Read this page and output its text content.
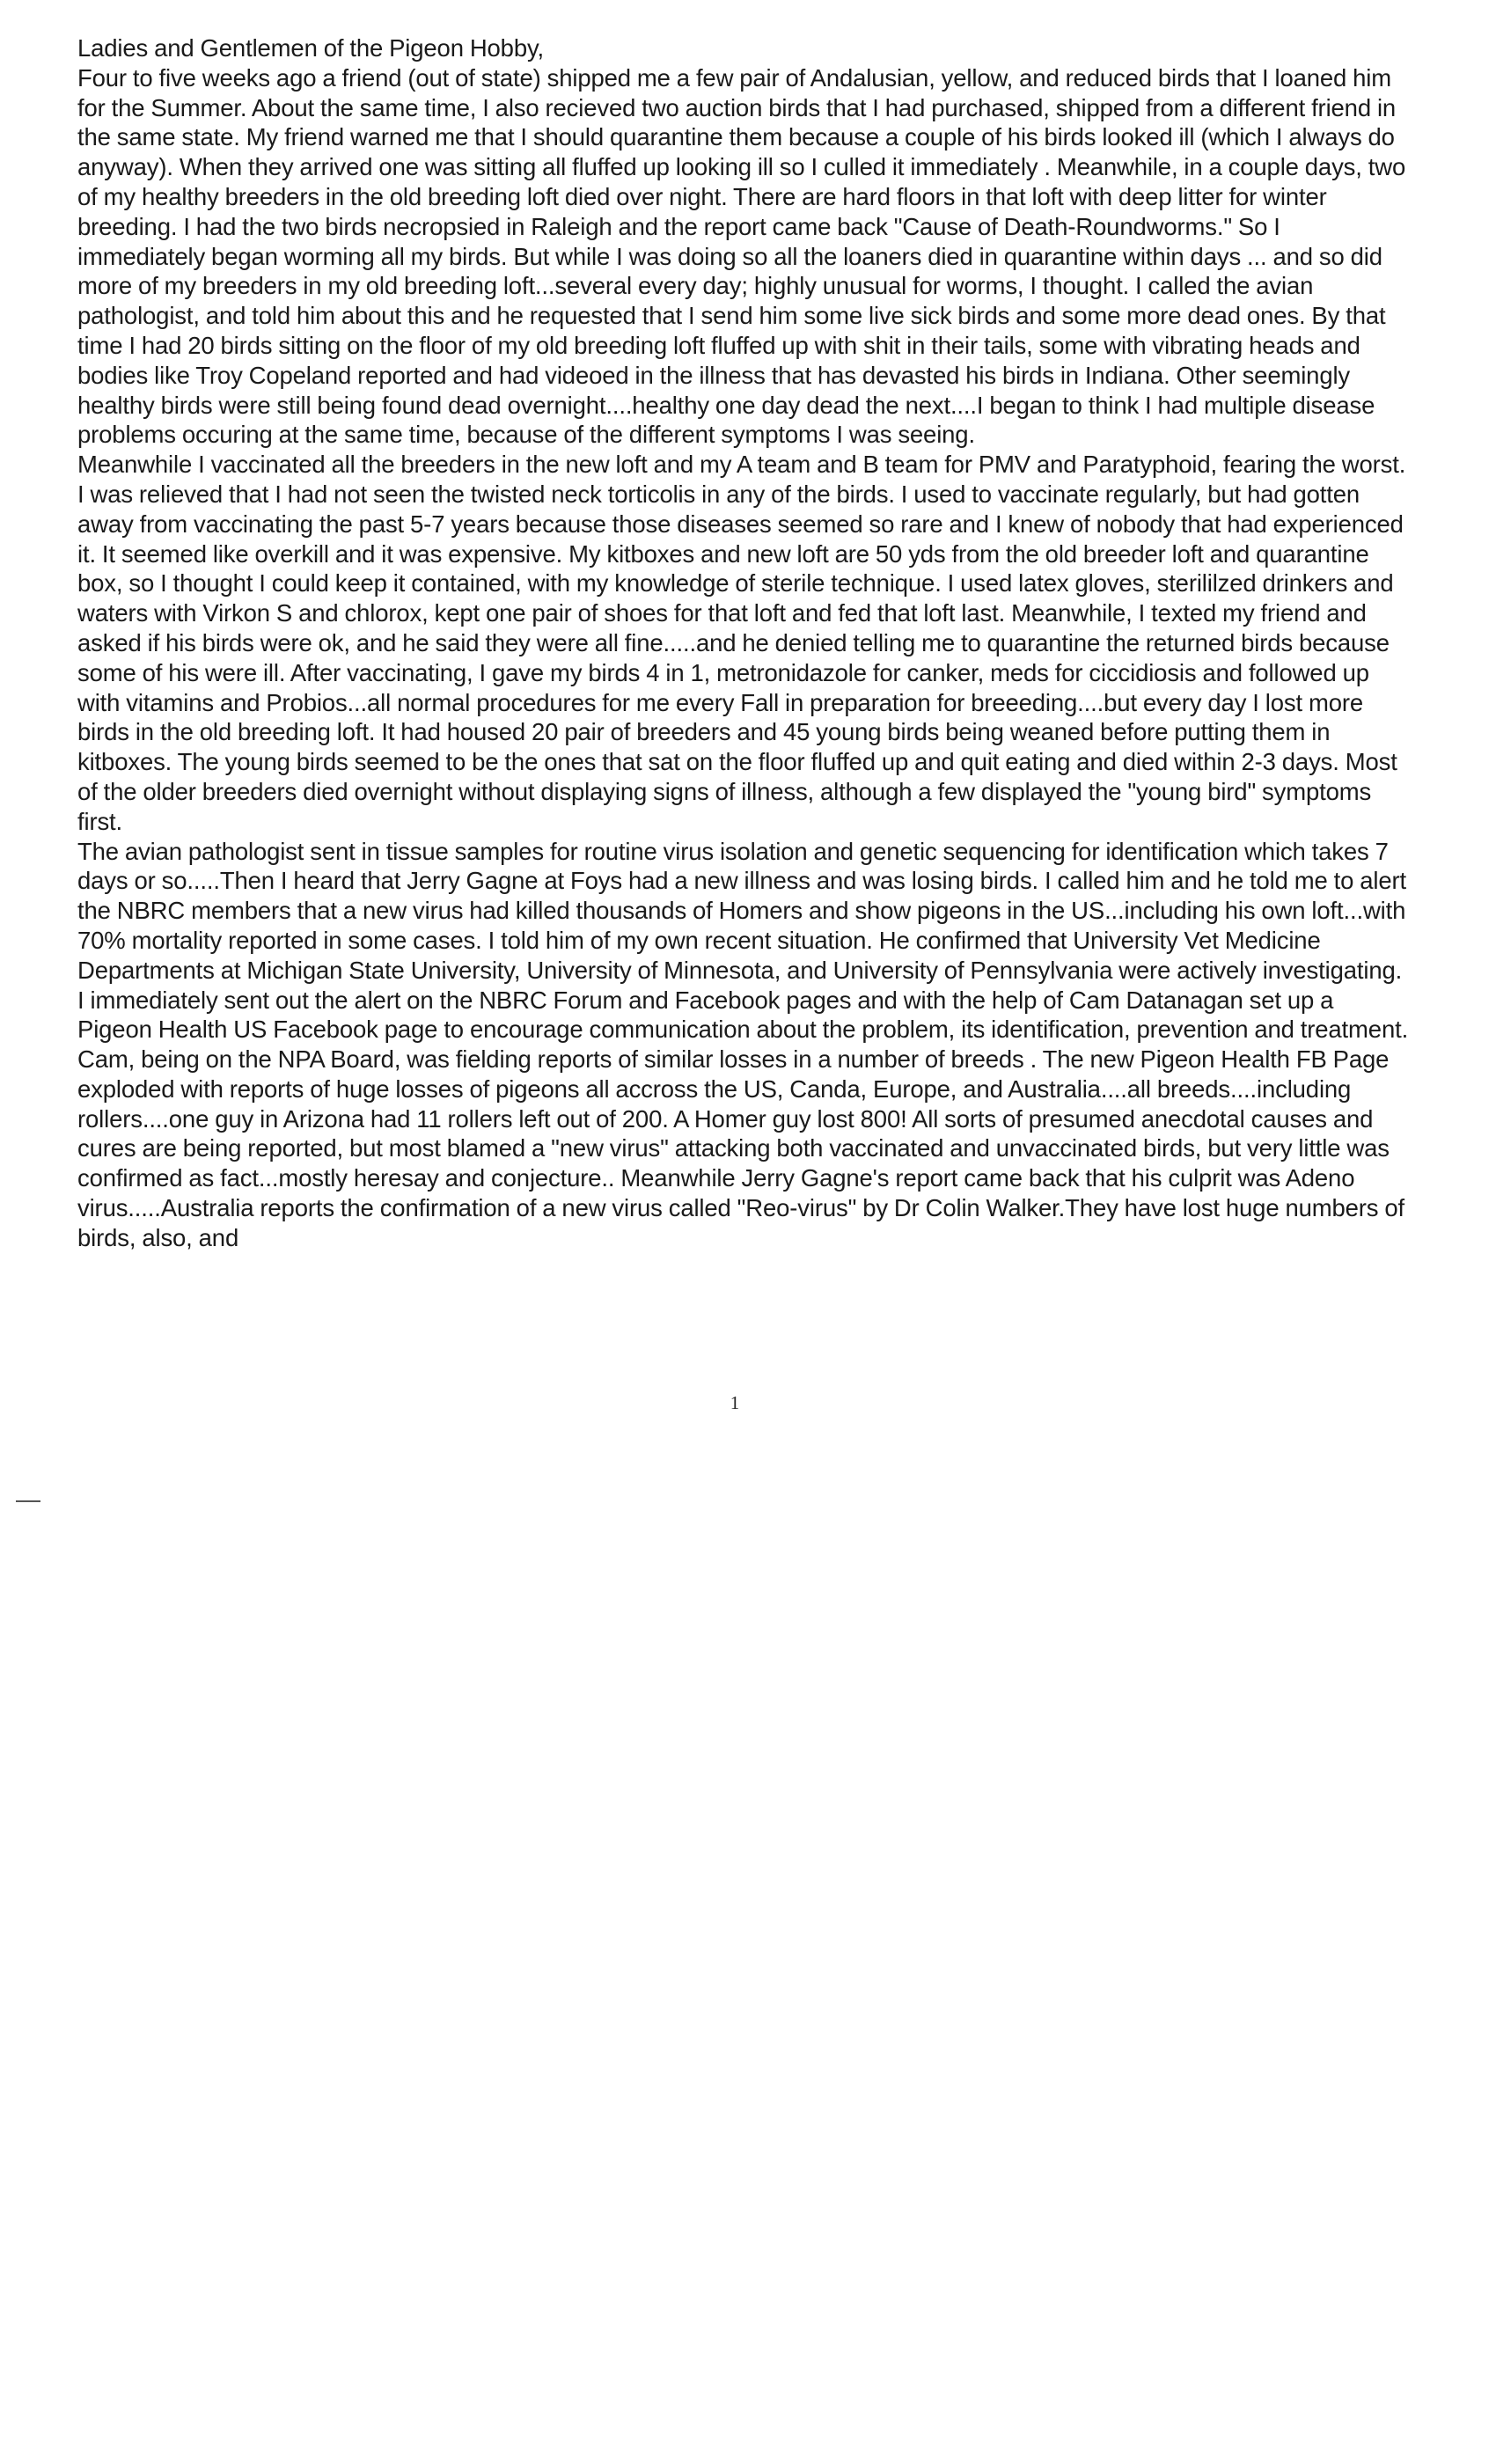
Ladies and Gentlemen of the Pigeon Hobby,

Four to five weeks ago a friend (out of state) shipped me a few pair of Andalusian, yellow, and reduced birds that I loaned him for the Summer. About the same time, I also recieved two auction birds that I had purchased, shipped from a different friend in the same state. My friend warned me that I should quarantine them because a couple of his birds looked ill (which I always do anyway). When they arrived one was sitting all fluffed up looking ill so I culled it immediately . Meanwhile, in a couple days, two of my healthy breeders in the old breeding loft died over night. There are hard floors in that loft with deep litter for winter breeding. I had the two birds necropsied in Raleigh and the report came back "Cause of Death-Roundworms." So I immediately began worming all my birds. But while I was doing so all the loaners died in quarantine within days ... and so did more of my breeders in my old breeding loft...several every day; highly unusual for worms, I thought. I called the avian pathologist, and told him about this and he requested that I send him some live sick birds and some more dead ones. By that time I had 20 birds sitting on the floor of my old breeding loft fluffed up with shit in their tails, some with vibrating heads and bodies like Troy Copeland reported and had videoed in the illness that has devasted his birds in Indiana. Other seemingly healthy birds were still being found dead overnight....healthy one day dead the next....I began to think I had multiple disease problems occuring at the same time, because of the different symptoms I was seeing.

Meanwhile I vaccinated all the breeders in the new loft and my A team and B team for PMV and Paratyphoid, fearing the worst. I was relieved that I had not seen the twisted neck torticolis in any of the birds. I used to vaccinate regularly, but had gotten away from vaccinating the past 5-7 years because those diseases seemed so rare and I knew of nobody that had experienced it. It seemed like overkill and it was expensive. My kitboxes and new loft are 50 yds from the old breeder loft and quarantine box, so I thought I could keep it contained, with my knowledge of sterile technique. I used latex gloves, sterililzed drinkers and waters with Virkon S and chlorox, kept one pair of shoes for that loft and fed that loft last. Meanwhile, I texted my friend and asked if his birds were ok, and he said they were all fine.....and he denied telling me to quarantine the returned birds because some of his were ill. After vaccinating, I gave my birds 4 in 1, metronidazole for canker, meds for ciccidiosis and followed up with vitamins and Probios...all normal procedures for me every Fall in preparation for breeeding....but every day I lost more birds in the old breeding loft. It had housed 20 pair of breeders and 45 young birds being weaned before putting them in kitboxes. The young birds seemed to be the ones that sat on the floor fluffed up and quit eating and died within 2-3 days. Most of the older breeders died overnight without displaying signs of illness, although a few displayed the "young bird" symptoms first.

The avian pathologist sent in tissue samples for routine virus isolation and genetic sequencing for identification which takes 7 days or so.....Then I heard that Jerry Gagne at Foys had a new illness and was losing birds. I called him and he told me to alert the NBRC members that a new virus had killed thousands of Homers and show pigeons in the US...including his own loft...with 70% mortality reported in some cases. I told him of my own recent situation. He confirmed that University Vet Medicine Departments at Michigan State University, University of Minnesota, and University of Pennsylvania were actively investigating.

I immediately sent out the alert on the NBRC Forum and Facebook pages and with the help of Cam Datanagan set up a Pigeon Health US Facebook page to encourage communication about the problem, its identification, prevention and treatment. Cam, being on the NPA Board, was fielding reports of similar losses in a number of breeds . The new Pigeon Health FB Page exploded with reports of huge losses of pigeons all accross the US, Canda, Europe, and Australia....all breeds....including rollers....one guy in Arizona had 11 rollers left out of 200. A Homer guy lost 800! All sorts of presumed anecdotal causes and cures are being reported, but most blamed a "new virus" attacking both vaccinated and unvaccinated birds, but very little was confirmed as fact...mostly heresay and conjecture.. Meanwhile Jerry Gagne's report came back that his culprit was Adeno virus.....Australia reports the confirmation of a new virus called "Reo-virus" by Dr Colin Walker.They have lost huge numbers of birds, also, and

1
